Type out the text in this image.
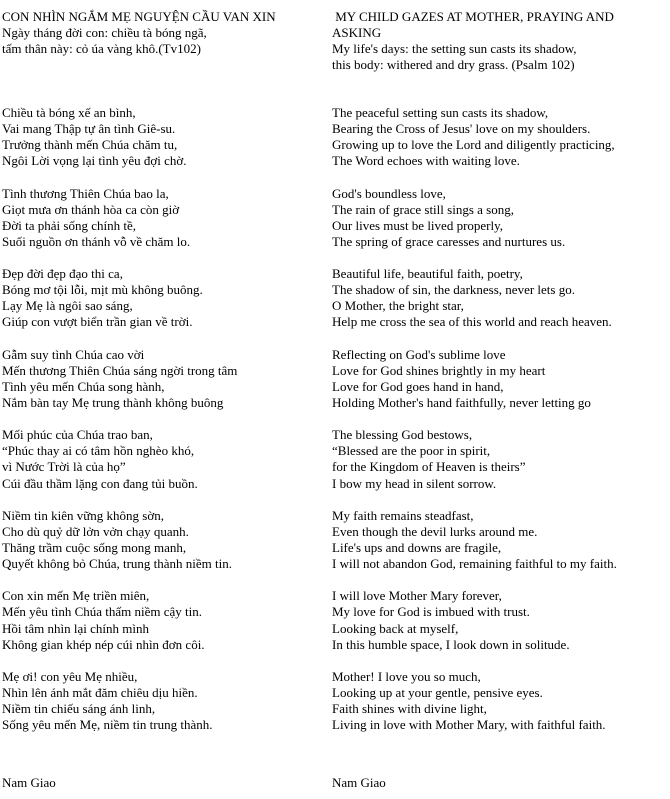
CON NHÌN NGẮM MẸ NGUYỆN CẦU VAN XIN
Ngày tháng đời con: chiều tà bóng ngã,
tấm thân này: cỏ úa vàng khô.(Tv102)
Chiều tà bóng xế an bình,
Vai mang Thập tự ân tình Giê-su.
Trưởng thành mến Chúa chăm tu,
Ngôi Lời vọng lại tình yêu đợi chờ.
Tình thương Thiên Chúa bao la,
Giọt mưa ơn thánh hòa ca còn giờ
Đời ta phải sống chính tề,
Suối nguồn ơn thánh vỗ về chăm lo.
Đẹp đời đẹp đạo thi ca,
Bóng mơ tội lỗi, mịt mù không buông.
Lạy Mẹ là ngôi sao sáng,
Giúp con vượt biển trần gian về trời.
Gẫm suy tình Chúa cao vời
Mến thương Thiên Chúa sáng ngời trong tâm
Tình yêu mến Chúa song hành,
Nắm bàn tay Mẹ trung thành không buông
Mối phúc của Chúa trao ban,
“Phúc thay ai có tâm hồn nghèo khó,
vì Nước Trời là của họ”
Cúi đầu thầm lặng con đang tủi buồn.
Niềm tin kiên vững không sờn,
Cho dù quỷ dữ lởn vởn chạy quanh.
Thăng trầm cuộc sống mong manh,
Quyết không bỏ Chúa, trung thành niềm tin.
Con xin mến Mẹ triền miên,
Mến yêu tình Chúa thấm niềm cậy tin.
Hồi tâm nhìn lại chính mình
Không gian khép nép cúi nhìn đơn côi.
Mẹ ơi! con yêu Mẹ nhiều,
Nhìn lên ánh mắt đăm chiêu dịu hiền.
Niềm tin chiếu sáng ánh linh,
Sống yêu mến Mẹ, niềm tin trung thành.
Nam Giao
MY CHILD GAZES AT MOTHER, PRAYING AND
ASKING
My life's days: the setting sun casts its shadow,
this body: withered and dry grass. (Psalm 102)
The peaceful setting sun casts its shadow,
Bearing the Cross of Jesus' love on my shoulders.
Growing up to love the Lord and diligently practicing,
The Word echoes with waiting love.
God's boundless love,
The rain of grace still sings a song,
Our lives must be lived properly,
The spring of grace caresses and nurtures us.
Beautiful life, beautiful faith, poetry,
The shadow of sin, the darkness, never lets go.
O Mother, the bright star,
Help me cross the sea of this world and reach heaven.
Reflecting on God's sublime love
Love for God shines brightly in my heart
Love for God goes hand in hand,
Holding Mother's hand faithfully, never letting go
The blessing God bestows,
“Blessed are the poor in spirit,
for the Kingdom of Heaven is theirs”
I bow my head in silent sorrow.
My faith remains steadfast,
Even though the devil lurks around me.
Life's ups and downs are fragile,
I will not abandon God, remaining faithful to my faith.
I will love Mother Mary forever,
My love for God is imbued with trust.
Looking back at myself,
In this humble space, I look down in solitude.
Mother! I love you so much,
Looking up at your gentle, pensive eyes.
Faith shines with divine light,
Living in love with Mother Mary, with faithful faith.
Nam Giao
